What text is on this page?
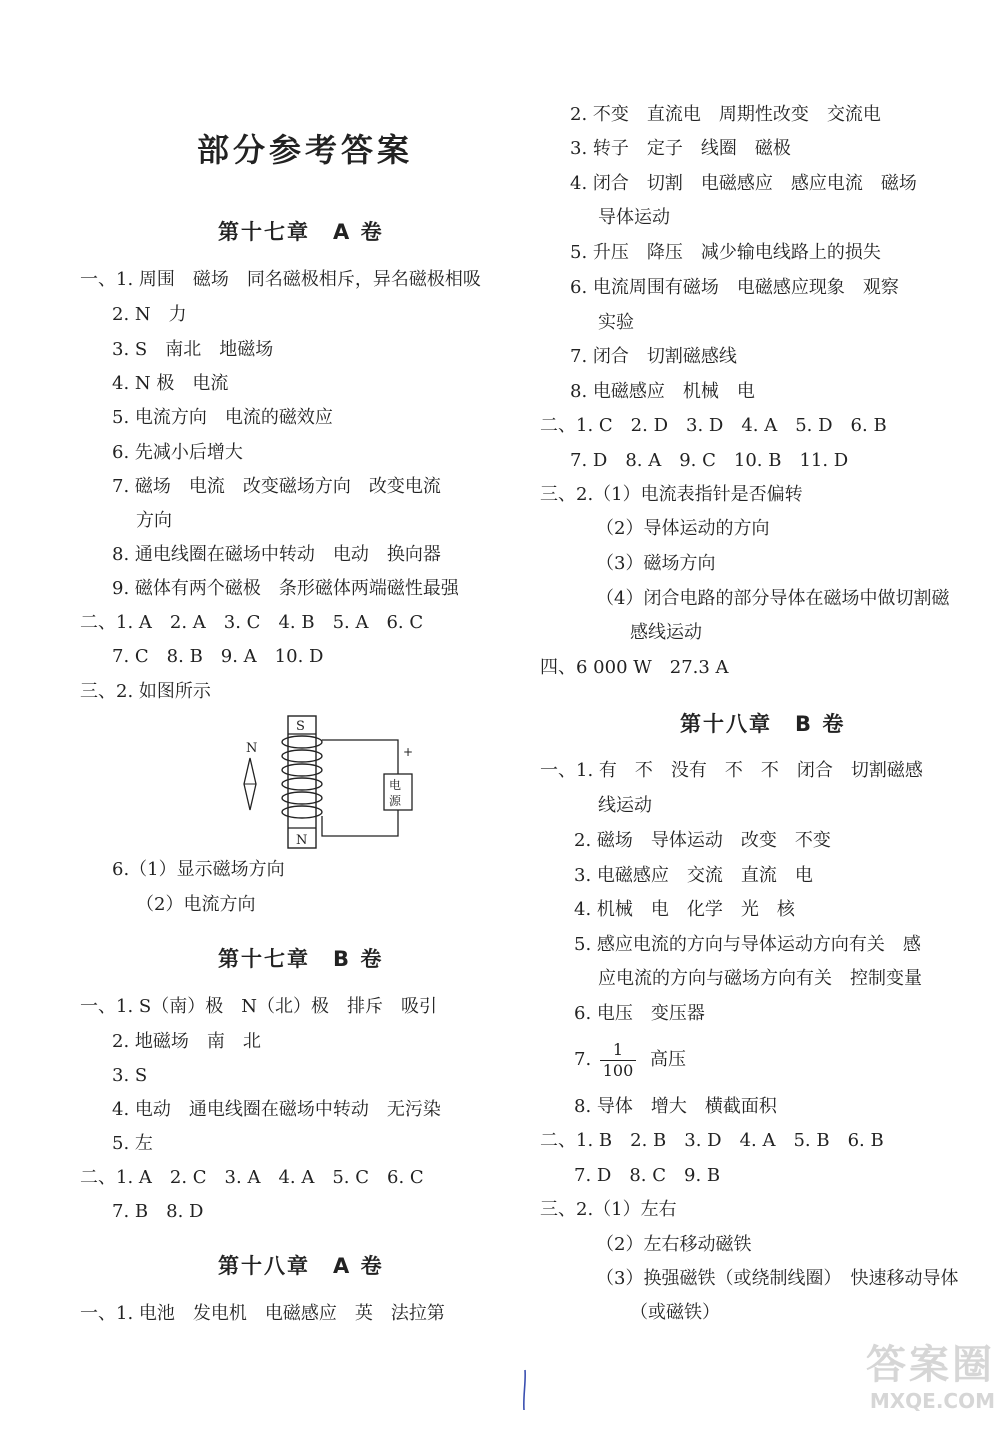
部分参考答案
第十七章　A 卷
一、1. 周围　磁场　同名磁极相斥，异名磁极相吸
2. N　力
3. S　南北　地磁场
4. N 极　电流
5. 电流方向　电流的磁效应
6. 先减小后增大
7. 磁场　电流　改变磁场方向　改变电流
方向
8. 通电线圈在磁场中转动　电动　换向器
9. 磁体有两个磁极　条形磁体两端磁性最强
二、1. A　2. A　3. C　4. B　5. A　6. C
7. C　8. B　9. A　10. D
三、2. 如图所示
N
S
N
电
源
+
6.（1）显示磁场方向
（2）电流方向
第十七章　B 卷
一、1. S（南）极　N（北）极　排斥　吸引
2. 地磁场　南　北
3. S
4. 电动　通电线圈在磁场中转动　无污染
5. 左
二、1. A　2. C　3. A　4. A　5. C　6. C
7. B　8. D
第十八章　A 卷
一、1. 电池　发电机　电磁感应　英　法拉第
2. 不变　直流电　周期性改变　交流电
3. 转子　定子　线圈　磁极
4. 闭合　切割　电磁感应　感应电流　磁场
导体运动
5. 升压　降压　减少输电线路上的损失
6. 电流周围有磁场　电磁感应现象　观察
实验
7. 闭合　切割磁感线
8. 电磁感应　机械　电
二、1. C　2. D　3. D　4. A　5. D　6. B
7. D　8. A　9. C　10. B　11. D
三、2.（1）电流表指针是否偏转
（2）导体运动的方向
（3）磁场方向
（4）闭合电路的部分导体在磁场中做切割磁
感线运动
四、6 000 W　27.3 A
第十八章　B 卷
一、1. 有　不　没有　不　不　闭合　切割磁感
线运动
2. 磁场　导体运动　改变　不变
3. 电磁感应　交流　直流　电
4. 机械　电　化学　光　核
5. 感应电流的方向与导体运动方向有关　感
应电流的方向与磁场方向有关　控制变量
6. 电压　变压器
7.	高压
8. 导体　增大　横截面积
二、1. B　2. B　3. D　4. A　5. B　6. B
7. D　8. C　9. B
三、2.（1）左右
（2）左右移动磁铁
（3）换强磁铁（或绕制线圈）　快速移动导体
（或磁铁）
$\frac{1}{100}$
答案圈
MXQE.COM
